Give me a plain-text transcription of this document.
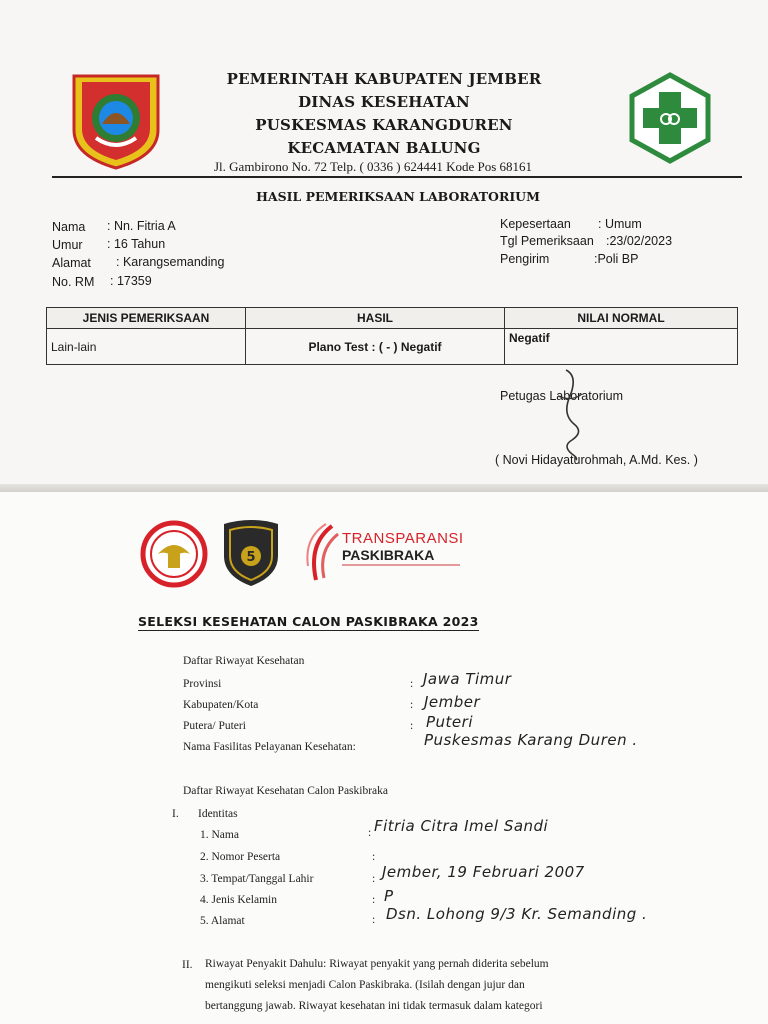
PEMERINTAH KABUPATEN JEMBER
DINAS KESEHATAN
PUSKESMAS KARANGDUREN
KECAMATAN BALUNG
Jl. Gambirono No. 72 Telp. ( 0336 ) 624441 Kode Pos 68161
HASIL PEMERIKSAAN LABORATORIUM
Nama : Nn. Fitria A
Umur : 16 Tahun
Alamat : Karangsemanding
No. RM : 17359
Kepesertaan : Umum
Tgl Pemeriksaan :23/02/2023
Pengirim	:Poli BP
JENIS PEMERIKSAAN	HASIL	NILAI NORMAL
Lain-lain	Plano Test : ( - ) Negatif	Negatif
Petugas Laboratorium
( Novi Hidayaturohmah, A.Md. Kes. )
5
TRANSPARANSI
PASKIBRAKA
SELEKSI KESEHATAN CALON PASKIBRAKA 2023
Daftar Riwayat Kesehatan
Provinsi	: Jawa Timur
Kabupaten/Kota	: Jember
Putera/ Puteri	: Puteri
Nama Fasilitas Pelayanan Kesehatan:	Puskesmas Karang Duren .
Daftar Riwayat Kesehatan Calon Paskibraka
I. Identitas
1. Nama	: Fitria Citra Imel Sandi
2. Nomor Peserta	:
3. Tempat/Tanggal Lahir	: Jember, 19 Februari 2007
4. Jenis Kelamin	: P
5. Alamat	: Dsn. Lohong 9/3 Kr. Semanding .
II. Riwayat Penyakit Dahulu: Riwayat penyakit yang pernah diderita sebelum
mengikuti seleksi menjadi Calon Paskibraka. (Isilah dengan jujur dan
bertanggung jawab. Riwayat kesehatan ini tidak termasuk dalam kategori
